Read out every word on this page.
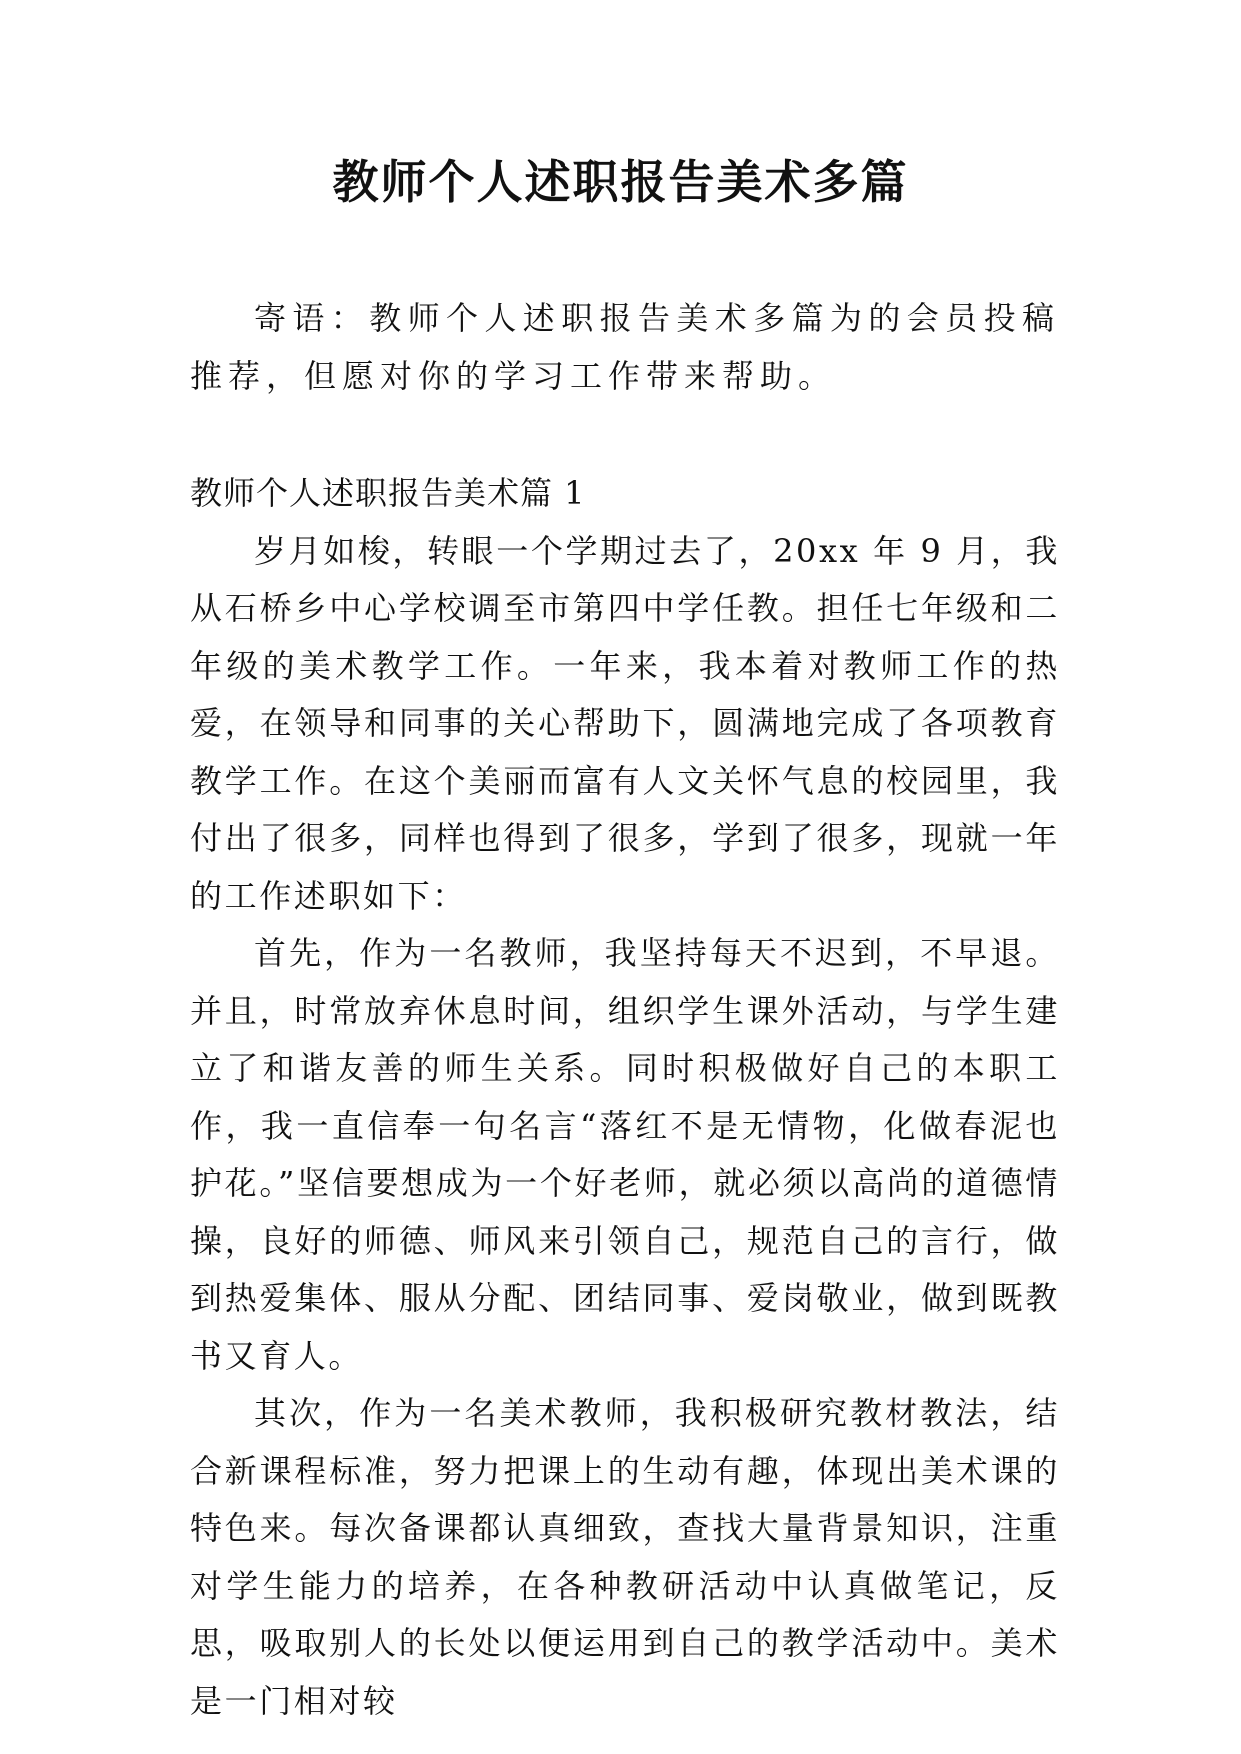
教师个人述职报告美术多篇

寄语：教师个人述职报告美术多篇为的会员投稿推荐，但愿对你的学习工作带来帮助。

教师个人述职报告美术篇 1

岁月如梭，转眼一个学期过去了，20xx 年 9 月，我从石桥乡中心学校调至市第四中学任教。担任七年级和二年级的美术教学工作。一年来，我本着对教师工作的热爱，在领导和同事的关心帮助下，圆满地完成了各项教育教学工作。在这个美丽而富有人文关怀气息的校园里，我付出了很多，同样也得到了很多，学到了很多，现就一年的工作述职如下：

首先，作为一名教师，我坚持每天不迟到，不早退。并且，时常放弃休息时间，组织学生课外活动，与学生建立了和谐友善的师生关系。同时积极做好自己的本职工作，我一直信奉一句名言“落红不是无情物，化做春泥也护花。”坚信要想成为一个好老师，就必须以高尚的道德情操，良好的师德、师风来引领自己，规范自己的言行，做到热爱集体、服从分配、团结同事、爱岗敬业，做到既教书又育人。

其次，作为一名美术教师，我积极研究教材教法，结合新课程标准，努力把课上的生动有趣，体现出美术课的特色来。每次备课都认真细致，查找大量背景知识，注重对学生能力的培养，在各种教研活动中认真做笔记，反思，吸取别人的长处以便运用到自己的教学活动中。美术是一门相对较
